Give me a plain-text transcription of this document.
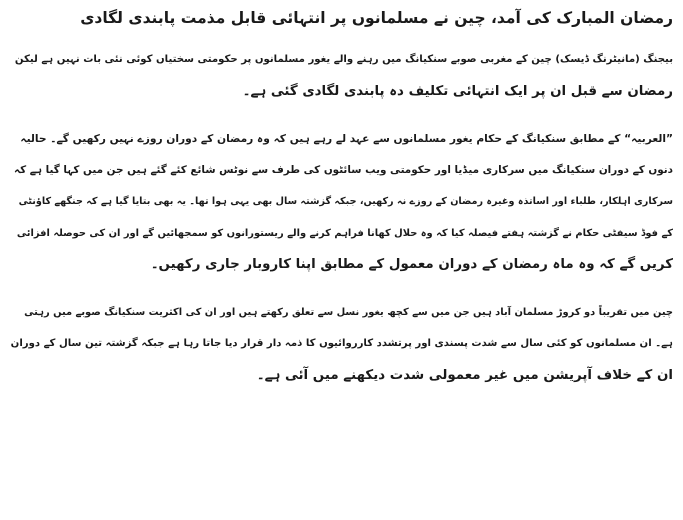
رمضان المبارک کی آمد، چین نے مسلمانوں پر انتہائی قابل مذمت پابندی لگادی

بیجنگ (مانیٹرنگ ڈیسک) چین کے مغربی صوبے سنکیانگ میں رہنے والے یغور مسلمانوں پر حکومتی سختیاں کوئی نئی بات نہیں ہے لیکن
رمضان سے قبل ان پر ایک انتہائی تکلیف دہ پابندی لگادی گئی ہے۔

”العربیہ“ کے مطابق سنکیانگ کے حکام یغور مسلمانوں سے عہد لے رہے ہیں کہ وہ رمضان کے دوران روزے نہیں رکھیں گے۔ حالیہ
دنوں کے دوران سنکیانگ میں سرکاری میڈیا اور حکومتی ویب سائٹوں کی طرف سے نوٹس شائع کئے گئے ہیں جن میں کہا گیا ہے کہ
سرکاری اہلکار، طلباء اور اساتذہ وغیرہ رمضان کے روزے نہ رکھیں، جبکہ گزشتہ سال بھی یہی ہوا تھا۔ یہ بھی بتایا گیا ہے کہ جنگھے کاؤنٹی
کے فوڈ سیفٹی حکام نے گزشتہ ہفتے فیصلہ کیا کہ وہ حلال کھانا فراہم کرنے والے ریستورانوں کو سمجھائیں گے اور ان کی حوصلہ افزائی
کریں گے کہ وہ ماہ رمضان کے دوران معمول کے مطابق اپنا کاروبار جاری رکھیں۔

چین میں تقریباً دو کروڑ مسلمان آباد ہیں جن میں سے کچھ یغور نسل سے تعلق رکھتے ہیں اور ان کی اکثریت سنکیانگ صوبے میں رہتی
ہے۔ ان مسلمانوں کو کئی سال سے شدت پسندی اور پرتشدد کارروائیوں کا ذمہ دار قرار دیا جاتا رہا ہے جبکہ گزشتہ تین سال کے دوران
ان کے خلاف آپریشن میں غیر معمولی شدت دیکھنے میں آئی ہے۔
